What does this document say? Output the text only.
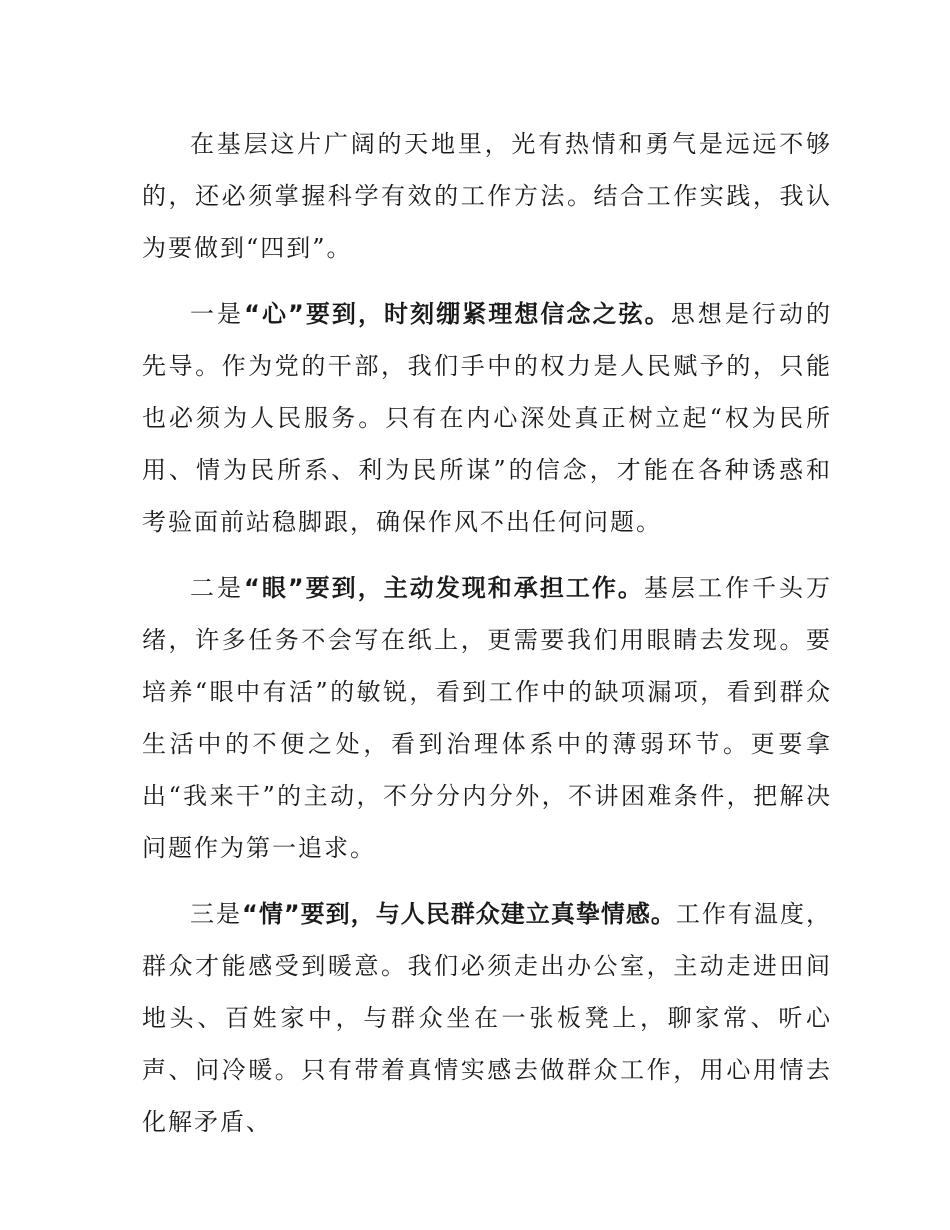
在基层这片广阔的天地里，光有热情和勇气是远远不够的，还必须掌握科学有效的工作方法。结合工作实践，我认为要做到“四到”。

一是“心”要到，时刻绷紧理想信念之弦。思想是行动的先导。作为党的干部，我们手中的权力是人民赋予的，只能也必须为人民服务。只有在内心深处真正树立起“权为民所用、情为民所系、利为民所谋”的信念，才能在各种诱惑和考验面前站稳脚跟，确保作风不出任何问题。

二是“眼”要到，主动发现和承担工作。基层工作千头万绪，许多任务不会写在纸上，更需要我们用眼睛去发现。要培养“眼中有活”的敏锐，看到工作中的缺项漏项，看到群众生活中的不便之处，看到治理体系中的薄弱环节。更要拿出“我来干”的主动，不分分内分外，不讲困难条件，把解决问题作为第一追求。

三是“情”要到，与人民群众建立真挚情感。工作有温度，群众才能感受到暖意。我们必须走出办公室，主动走进田间地头、百姓家中，与群众坐在一张板凳上，聊家常、听心声、问冷暖。只有带着真情实感去做群众工作，用心用情去化解矛盾、
